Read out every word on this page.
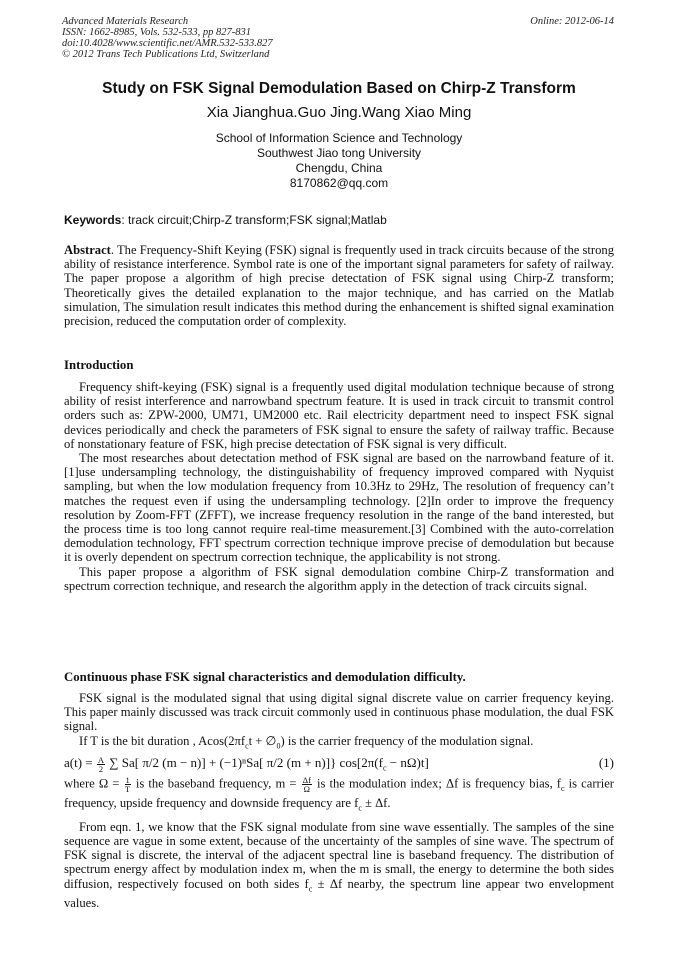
Advanced Materials Research
ISSN: 1662-8985, Vols. 532-533, pp 827-831
doi:10.4028/www.scientific.net/AMR.532-533.827
© 2012 Trans Tech Publications Ltd, Switzerland
Online: 2012-06-14
Study on FSK Signal Demodulation Based on Chirp-Z Transform
Xia Jianghua.Guo Jing.Wang Xiao Ming
School of Information Science and Technology
Southwest Jiao tong University
Chengdu, China
8170862@qq.com
Keywords: track circuit;Chirp-Z transform;FSK signal;Matlab

Abstract. The Frequency-Shift Keying (FSK) signal is frequently used in track circuits because of the strong ability of resistance interference. Symbol rate is one of the important signal parameters for safety of railway. The paper propose a algorithm of high precise detectation of FSK signal using Chirp-Z transform; Theoretically gives the detailed explanation to the major technique, and has carried on the Matlab simulation, The simulation result indicates this method during the enhancement is shifted signal examination precision, reduced the computation order of complexity.

Introduction

Frequency shift-keying (FSK) signal is a frequently used digital modulation technique because of strong ability of resist interference and narrowband spectrum feature. It is used in track circuit to transmit control orders such as: ZPW-2000, UM71, UM2000 etc. Rail electricity department need to inspect FSK signal devices periodically and check the parameters of FSK signal to ensure the safety of railway traffic. Because of nonstationary feature of FSK, high precise detectation of FSK signal is very difficult.

The most researches about detectation method of FSK signal are based on the narrowband feature of it. [1]use undersampling technology, the distinguishability of frequency improved compared with Nyquist sampling, but when the low modulation frequency from 10.3Hz to 29Hz, The resolution of frequency can’t matches the request even if using the undersampling technology. [2]In order to improve the frequency resolution by Zoom-FFT (ZFFT), we increase frequency resolution in the range of the band interested, but the process time is too long cannot require real-time measurement.[3] Combined with the auto-correlation demodulation technology, FFT spectrum correction technique improve precise of demodulation but because it is overly dependent on spectrum correction technique, the applicability is not strong.

This paper propose a algorithm of FSK signal demodulation combine Chirp-Z transformation and spectrum correction technique, and research the algorithm apply in the detection of track circuits signal.

Continuous phase FSK signal characteristics and demodulation difficulty.

FSK signal is the modulated signal that using digital signal discrete value on carrier frequency keying. This paper mainly discussed was track circuit commonly used in continuous phase modulation, the dual FSK signal.

If T is the bit duration , $Acos(2\pi f_ct$ + $\emptyset_0$) is the carrier frequency of the modulation signal.

$a(t) = \frac{A}{2}$ ∑ Sa[ π/2 (m − n)] + (−1)ⁿSa[ π/2 (m + n)]} $\cos[2\pi(f_c - n\Omega)t]$	(1)

where $\Omega = \frac{1}{T}$ is the baseband frequency, $m = \frac{\Delta f}{\Omega}$ is the modulation index; Δf is frequency bias, $f_c$ is carrier frequency, upside frequency and downside frequency are $f_c \pm \Delta f$.

From eqn. 1, we know that the FSK signal modulate from sine wave essentially. The samples of the sine sequence are vague in some extent, because of the uncertainty of the samples of sine wave. The spectrum of FSK signal is discrete, the interval of the adjacent spectral line is baseband frequency. The distribution of spectrum energy affect by modulation index m, when the m is small, the energy to determine the both sides diffusion, respectively focused on both sides $f_c \pm \Delta f$ nearby, the spectrum line appear two envelopment values.
